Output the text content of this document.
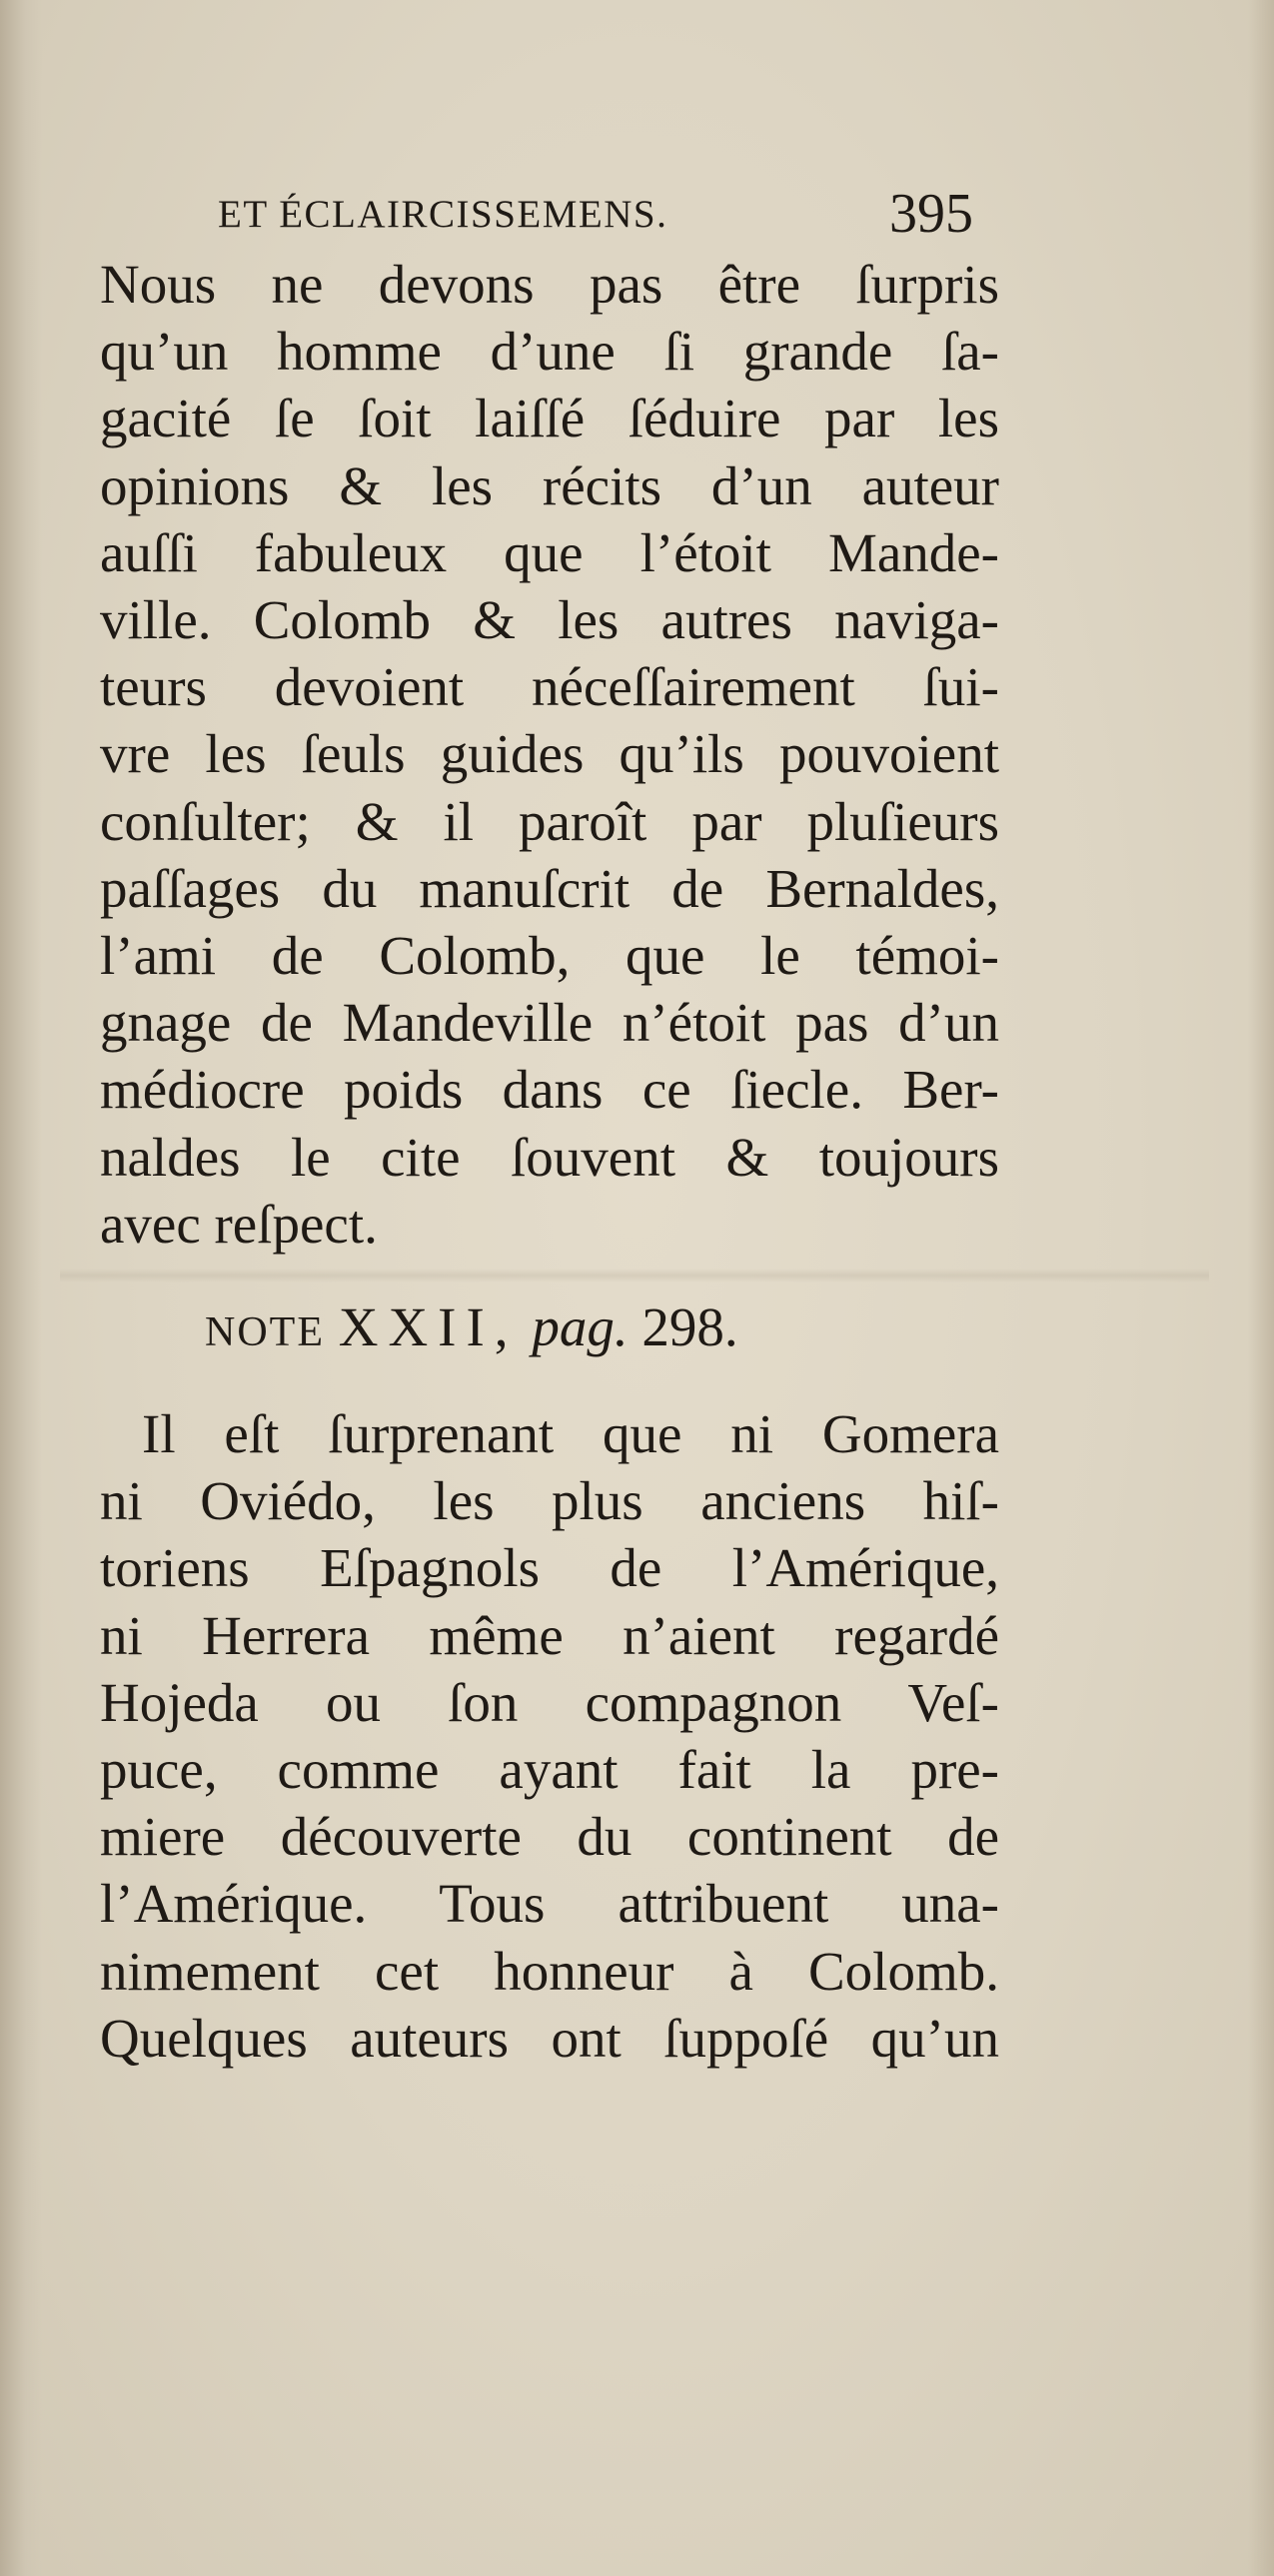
ET ÉCLAIRCISSEMENS.	395
Nous ne devons pas être ſurpris
qu’un homme d’une ſi grande ſa-
gacité ſe ſoit laiſſé ſéduire par les
opinions & les récits d’un auteur
auſſi fabuleux que l’étoit Mande-
ville. Colomb & les autres naviga-
teurs devoient néceſſairement ſui-
vre les ſeuls guides qu’ils pouvoient
conſulter; & il paroît par pluſieurs
paſſages du manuſcrit de Bernaldes,
l’ami de Colomb, que le témoi-
gnage de Mandeville n’étoit pas d’un
médiocre poids dans ce ſiecle. Ber-
naldes le cite ſouvent & toujours
avec reſpect.
NOTE XXII, pag. 298.
Il eſt ſurprenant que ni Gomera
ni Oviédo, les plus anciens hiſ-
toriens Eſpagnols de l’Amérique,
ni Herrera même n’aient regardé
Hojeda ou ſon compagnon Veſ-
puce, comme ayant fait la pre-
miere découverte du continent de
l’Amérique. Tous attribuent una-
nimement cet honneur à Colomb.
Quelques auteurs ont ſuppoſé qu’un
